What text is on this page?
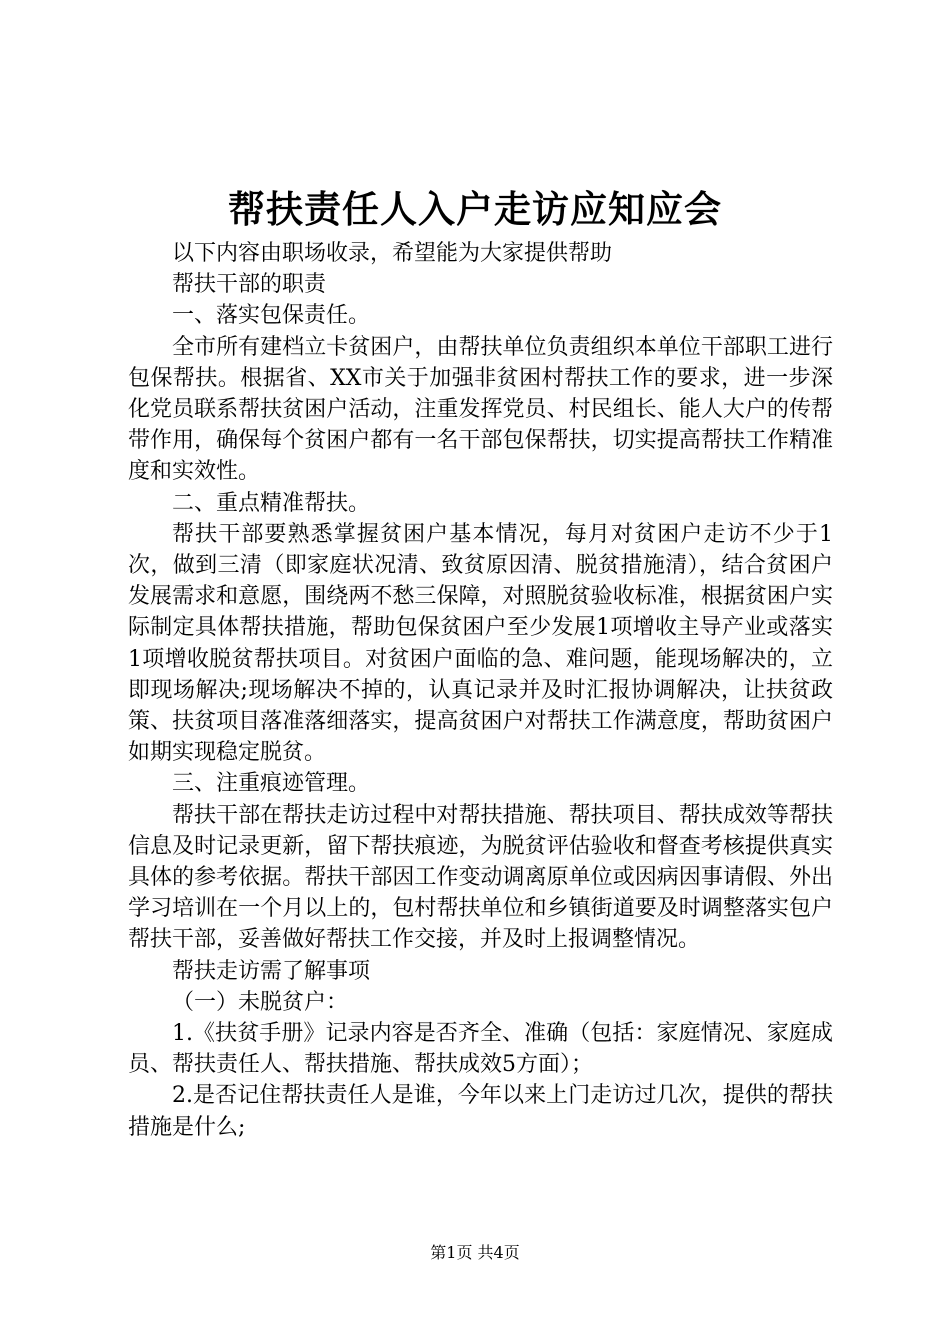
帮扶责任人入户走访应知应会

以下内容由职场收录，希望能为大家提供帮助

帮扶干部的职责

一、落实包保责任。

全市所有建档立卡贫困户，由帮扶单位负责组织本单位干部职工进行包保帮扶。根据省、XX市关于加强非贫困村帮扶工作的要求，进一步深化党员联系帮扶贫困户活动，注重发挥党员、村民组长、能人大户的传帮带作用，确保每个贫困户都有一名干部包保帮扶，切实提高帮扶工作精准度和实效性。

二、重点精准帮扶。

帮扶干部要熟悉掌握贫困户基本情况，每月对贫困户走访不少于1次，做到三清（即家庭状况清、致贫原因清、脱贫措施清），结合贫困户发展需求和意愿，围绕两不愁三保障，对照脱贫验收标准，根据贫困户实际制定具体帮扶措施，帮助包保贫困户至少发展1项增收主导产业或落实1项增收脱贫帮扶项目。对贫困户面临的急、难问题，能现场解决的，立即现场解决;现场解决不掉的，认真记录并及时汇报协调解决，让扶贫政策、扶贫项目落准落细落实，提高贫困户对帮扶工作满意度，帮助贫困户如期实现稳定脱贫。

三、注重痕迹管理。

帮扶干部在帮扶走访过程中对帮扶措施、帮扶项目、帮扶成效等帮扶信息及时记录更新，留下帮扶痕迹，为脱贫评估验收和督查考核提供真实具体的参考依据。帮扶干部因工作变动调离原单位或因病因事请假、外出学习培训在一个月以上的，包村帮扶单位和乡镇街道要及时调整落实包户帮扶干部，妥善做好帮扶工作交接，并及时上报调整情况。

帮扶走访需了解事项

（一）未脱贫户：

1.《扶贫手册》记录内容是否齐全、准确（包括：家庭情况、家庭成员、帮扶责任人、帮扶措施、帮扶成效5方面）；

2.是否记住帮扶责任人是谁，今年以来上门走访过几次，提供的帮扶措施是什么;

第1页 共4页
